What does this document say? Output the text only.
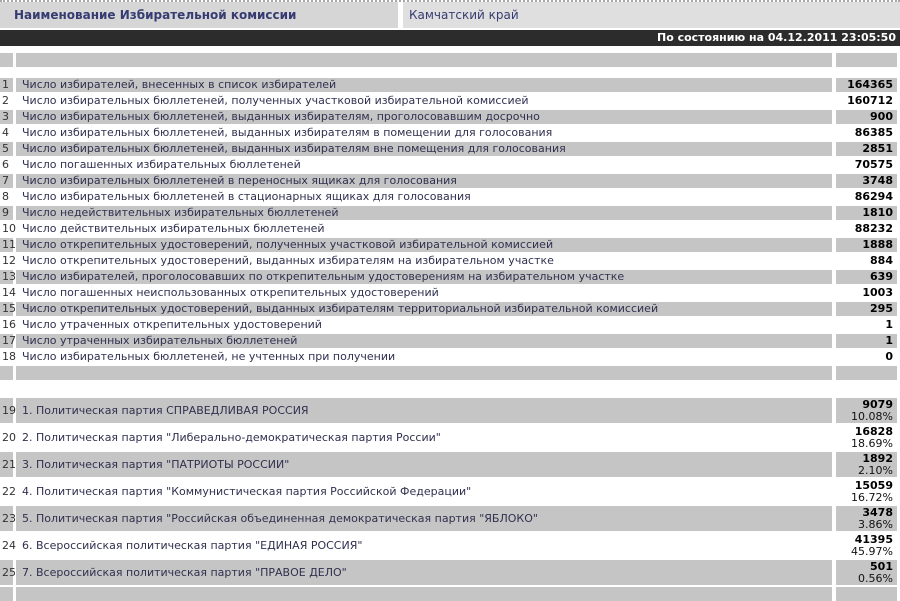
Наименование Избирательной комиссии	Камчатский край
По состоянию на 04.12.2011 23:05:50
1	Число избирателей, внесенных в список избирателей	164365
2	Число избирательных бюллетеней, полученных участковой избирательной комиссией	160712
3	Число избирательных бюллетеней, выданных избирателям, проголосовавшим досрочно	900
4	Число избирательных бюллетеней, выданных избирателям в помещении для голосования	86385
5	Число избирательных бюллетеней, выданных избирателям вне помещения для голосования	2851
6	Число погашенных избирательных бюллетеней	70575
7	Число избирательных бюллетеней в переносных ящиках для голосования	3748
8	Число избирательных бюллетеней в стационарных ящиках для голосования	86294
9	Число недействительных избирательных бюллетеней	1810
10 Число действительных избирательных бюллетеней	88232
11 Число открепительных удостоверений, полученных участковой избирательной комиссией	1888
12 Число открепительных удостоверений, выданных избирателям на избирательном участке	884
13 Число избирателей, проголосовавших по открепительным удостоверениям на избирательном участке	639
14 Число погашенных неиспользованных открепительных удостоверений	1003
15 Число открепительных удостоверений, выданных избирателям территориальной избирательной комиссией	295
16 Число утраченных открепительных удостоверений	1
17 Число утраченных избирательных бюллетеней	1
18 Число избирательных бюллетеней, не учтенных при получении	0
19 1. Политическая партия СПРАВЕДЛИВАЯ РОССИЯ	9079
10.08%
20 2. Политическая партия "Либерально-демократическая партия России"	16828
18.69%
21 3. Политическая партия "ПАТРИОТЫ РОССИИ"	1892
2.10%
22 4. Политическая партия "Коммунистическая партия Российской Федерации"	15059
16.72%
23 5. Политическая партия "Российская объединенная демократическая партия "ЯБЛОКО"	3478
3.86%
24 6. Всероссийская политическая партия "ЕДИНАЯ РОССИЯ"	41395
45.97%
25 7. Всероссийская политическая партия "ПРАВОЕ ДЕЛО"	501
0.56%
